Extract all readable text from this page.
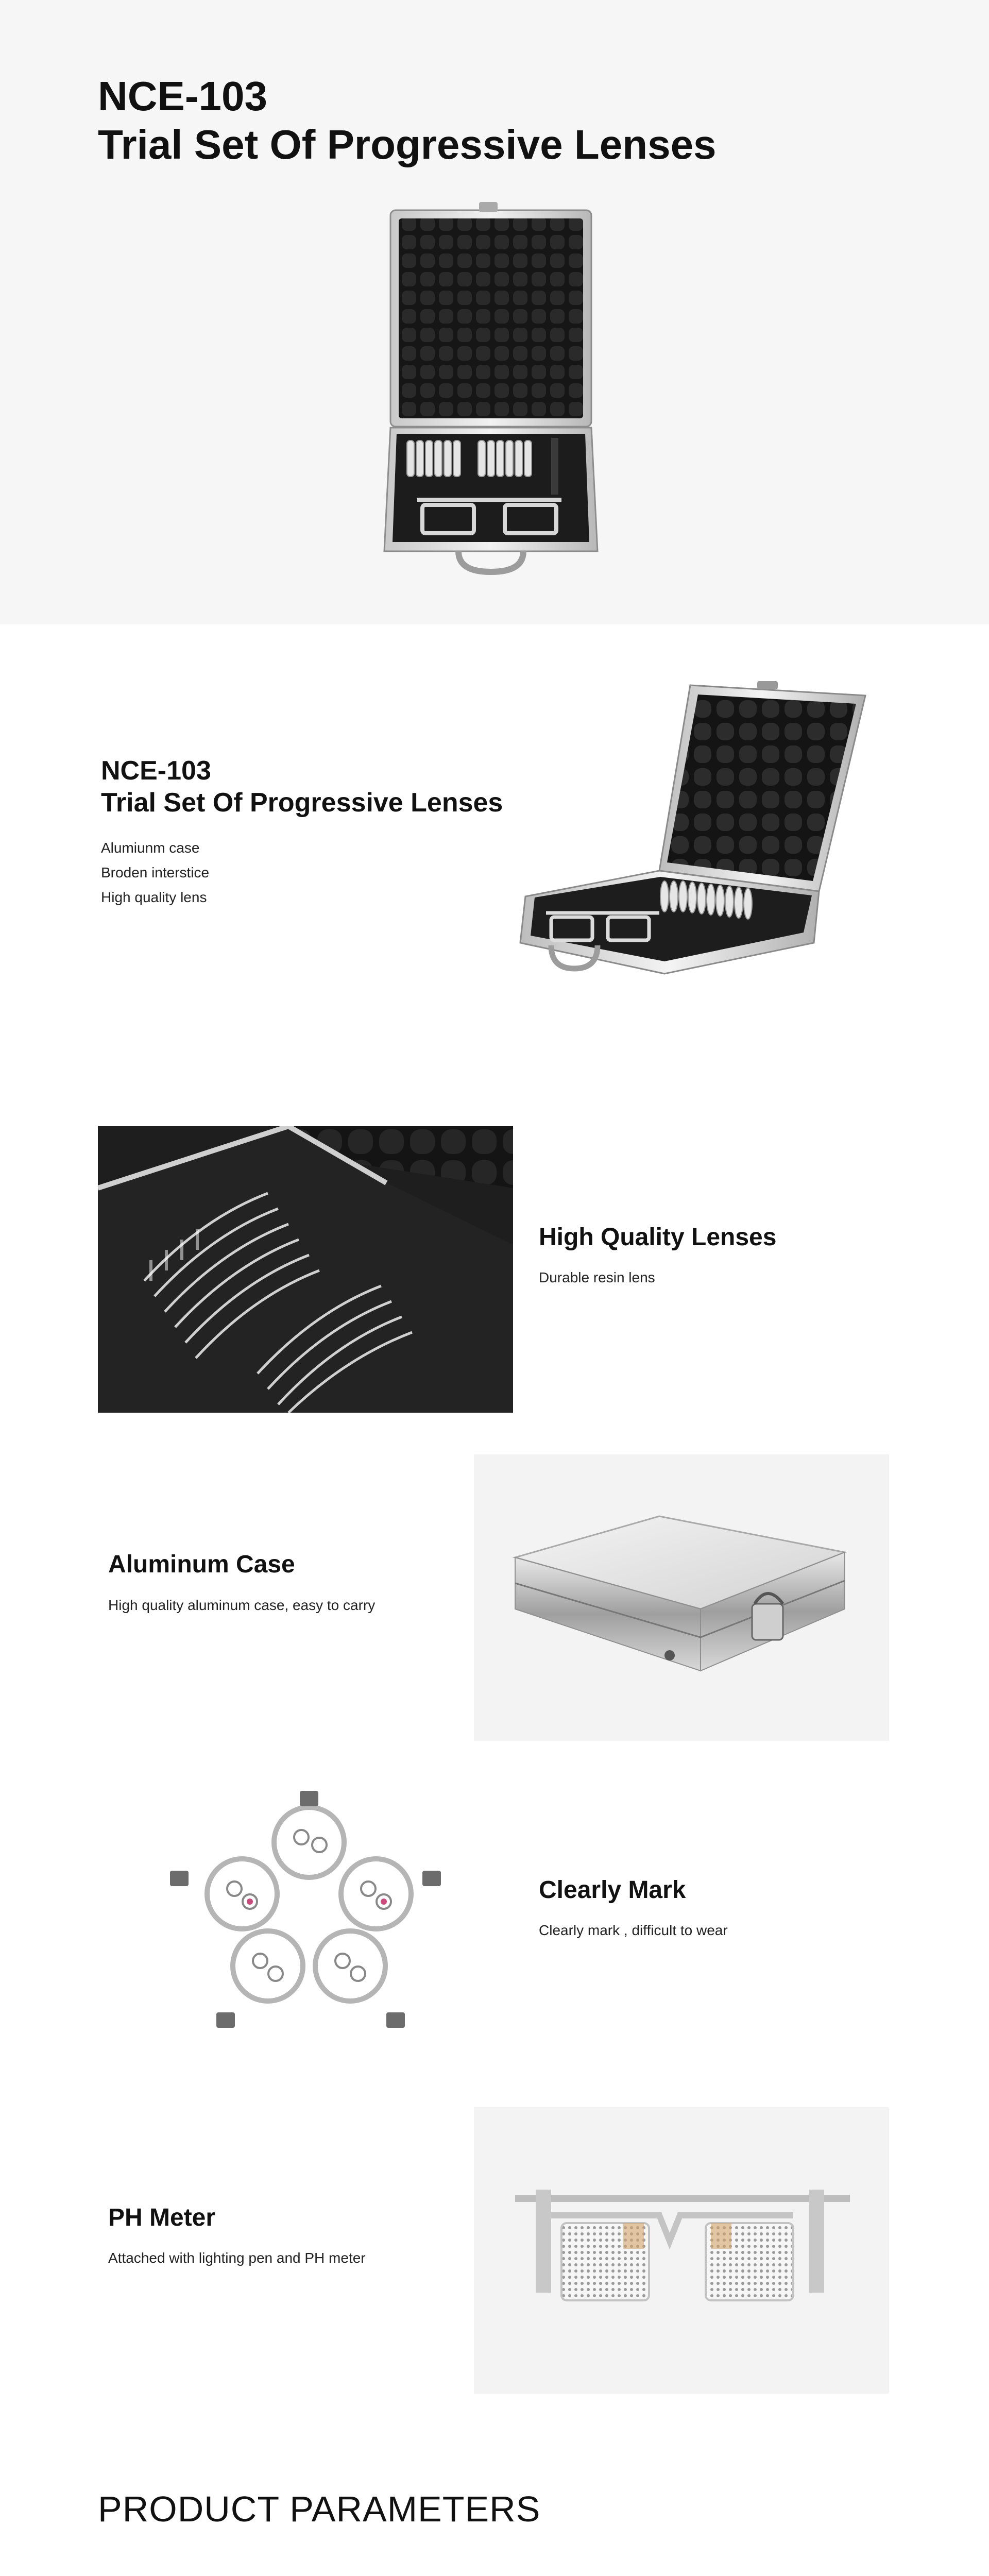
NCE-103
Trial Set Of Progressive Lenses
NCE-103
Trial Set Of Progressive Lenses
Alumiunm case
Broden interstice
High quality lens
High Quality Lenses

Durable resin lens

Aluminum Case

High quality aluminum case, easy to carry

Clearly Mark

Clearly mark , difficult to wear

PH Meter

Attached with lighting pen and PH meter

PRODUCT PARAMETERS
